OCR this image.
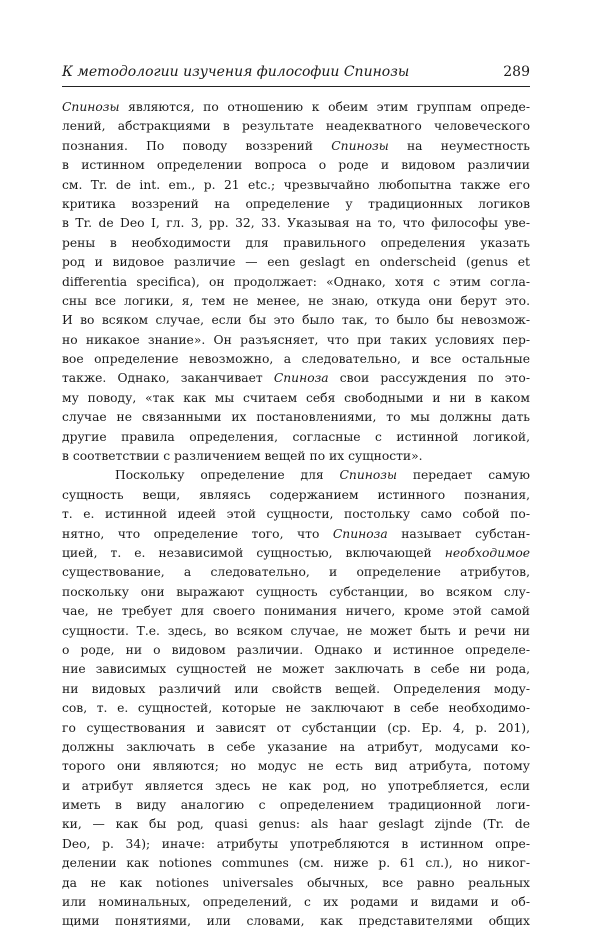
К методологии изучения философии Спинозы	289
Спинозы являются, по отношению к обеим этим группам опреде-
лений, абстракциями в результате неадекватного человеческого
познания. По поводу воззрений Спинозы на неуместность
в истинном определении вопроса о роде и видовом различии
см. Tr. de int. em., p. 21 etc.; чрезвычайно любопытна также его
критика воззрений на определение у традиционных логиков
в Tr. de Deo I, гл. 3, pp. 32, 33. Указывая на то, что философы уве-
рены в необходимости для правильного определения указать
род и видовое различие — een geslagt en onderscheid (genus et
differentia specifica), он продолжает: «Однако, хотя с этим согла-
сны все логики, я, тем не менее, не знаю, откуда они берут это.
И во всяком случае, если бы это было так, то было бы невозмож-
но никакое знание». Он разъясняет, что при таких условиях пер-
вое определение невозможно, а следовательно, и все остальные
также. Однако, заканчивает Спиноза свои рассуждения по это-
му поводу, «так как мы считаем себя свободными и ни в каком
случае не связанными их постановлениями, то мы должны дать
другие правила определения, согласные с истинной логикой,
в соответствии с различением вещей по их сущности».
Поскольку определение для Спинозы передает самую
сущность вещи, являясь содержанием истинного познания,
т. е. истинной идеей этой сущности, постольку само собой по-
нятно, что определение того, что Спиноза называет субстан-
цией, т. е. независимой сущностью, включающей необходимое
существование, а следовательно, и определение атрибутов,
поскольку они выражают сущность субстанции, во всяком слу-
чае, не требует для своего понимания ничего, кроме этой самой
сущности. Т.е. здесь, во всяком случае, не может быть и речи ни
о роде, ни о видовом различии. Однако и истинное определе-
ние зависимых сущностей не может заключать в себе ни рода,
ни видовых различий или свойств вещей. Определения моду-
сов, т. е. сущностей, которые не заключают в себе необходимо-
го существования и зависят от субстанции (ср. Ep. 4, p. 201),
должны заключать в себе указание на атрибут, модусами ко-
торого они являются; но модус не есть вид атрибута, потому
и атрибут является здесь не как род, но употребляется, если
иметь в виду аналогию с определением традиционной логи-
ки, — как бы род, quasi genus: als haar geslagt zijnde (Tr. de
Deo, p. 34); иначе: атрибуты употребляются в истинном опре-
делении как notiones communes (см. ниже p. 61 сл.), но никог-
да не как notiones universales обычных, все равно реальных
или номинальных, определений, с их родами и видами и об-
щими понятиями, или словами, как представителями общих
